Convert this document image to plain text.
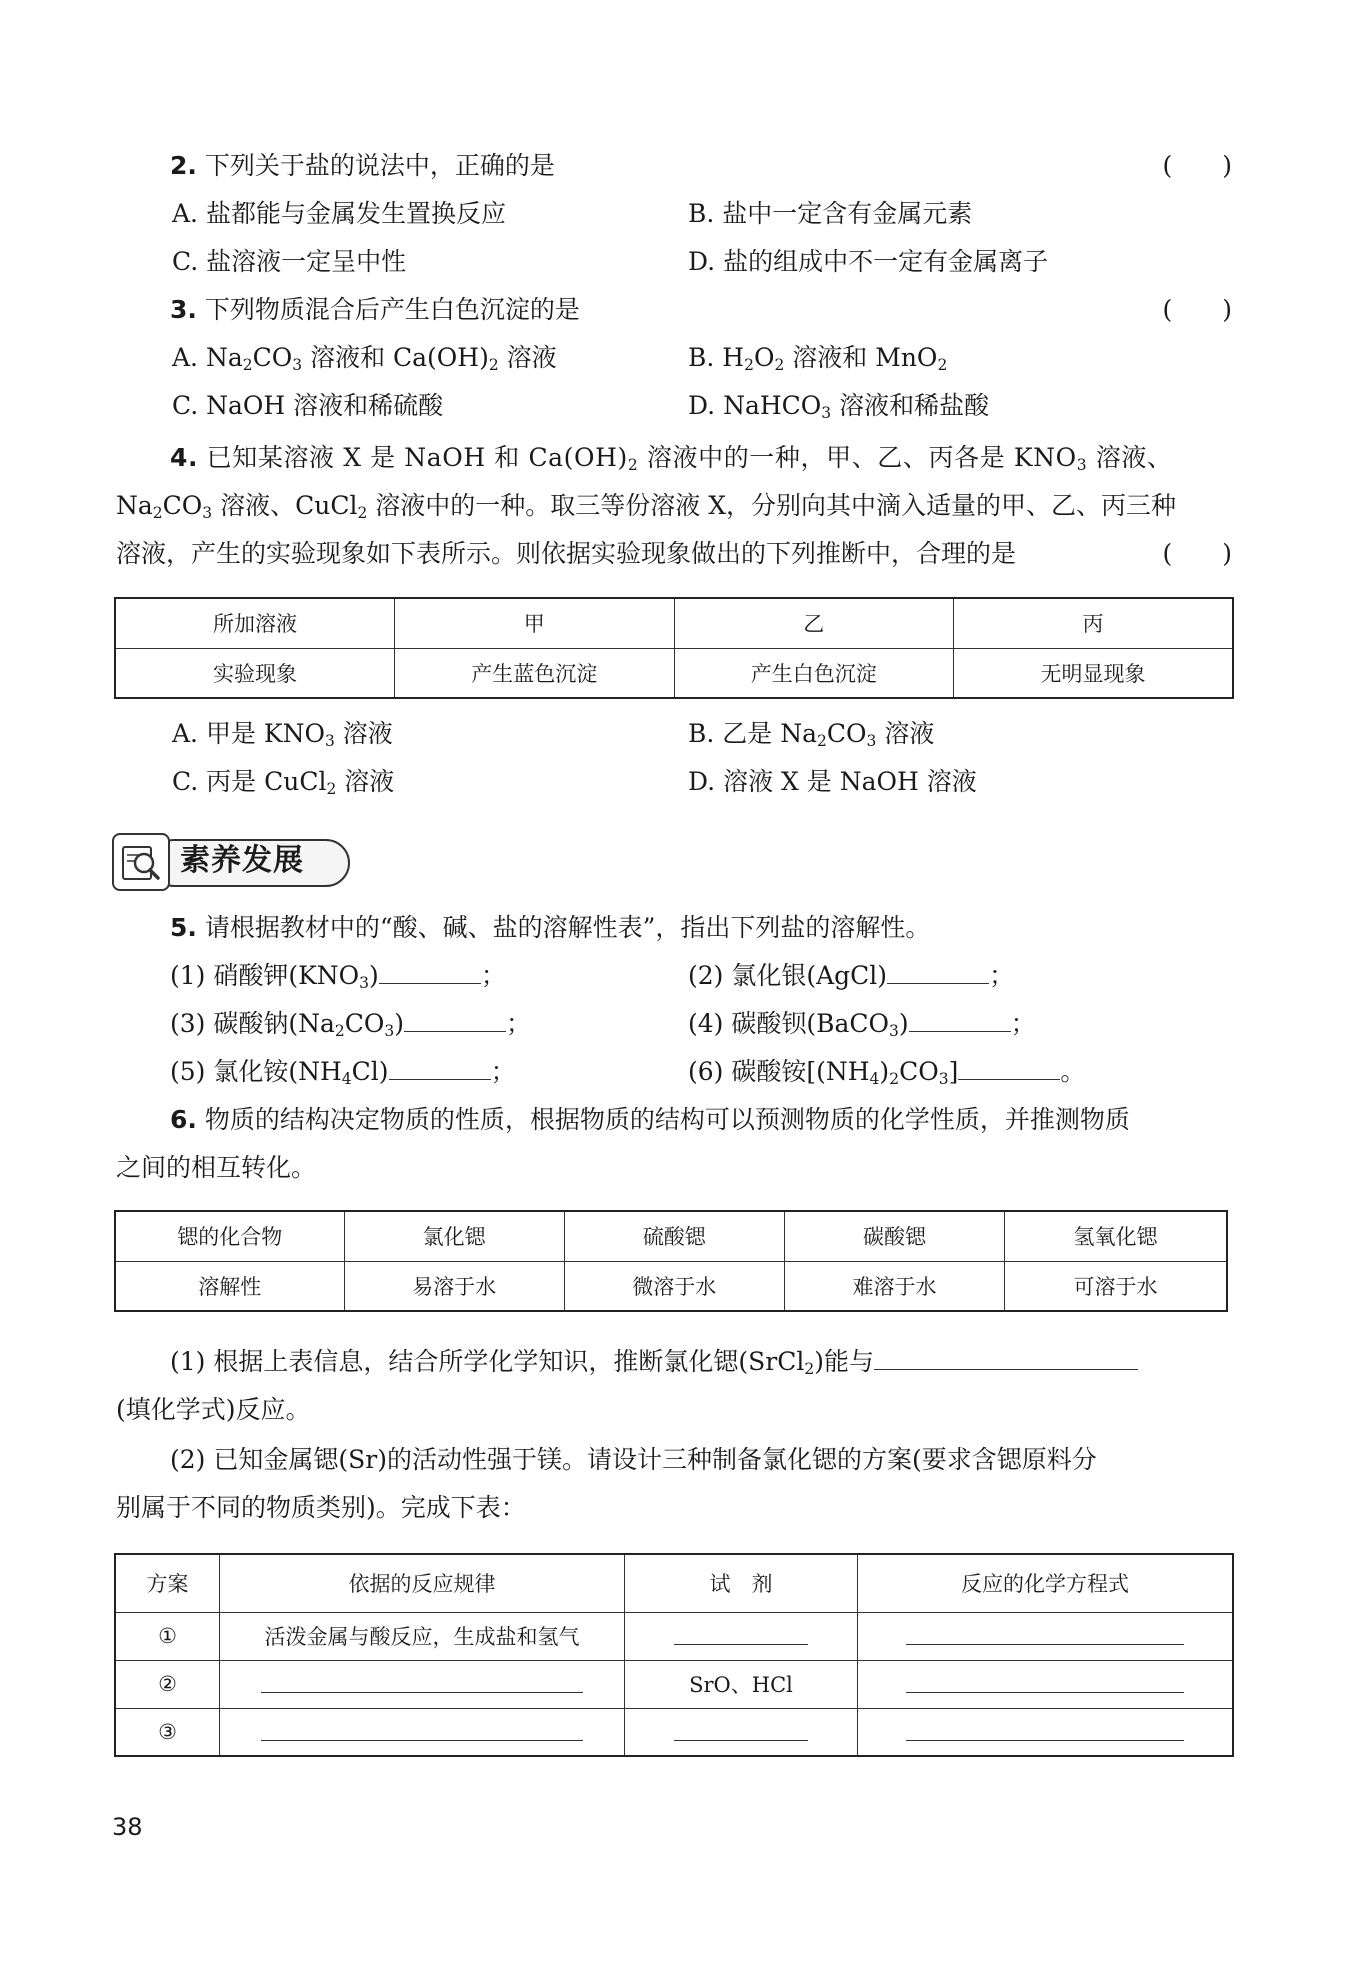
2. 下列关于盐的说法中，正确的是	(　　)
A. 盐都能与金属发生置换反应	B. 盐中一定含有金属元素
C. 盐溶液一定呈中性	D. 盐的组成中不一定有金属离子
3. 下列物质混合后产生白色沉淀的是	(　　)
A. $Na_2CO_3$ 溶液和 $Ca(OH)_2$ 溶液	B. $H_2O_2$ 溶液和 MnO$_2$
C. NaOH 溶液和稀硫酸	D. NaHCO$_3$ 溶液和稀盐酸
4. 已知某溶液 X 是 NaOH 和 $Ca(OH)_2$ 溶液中的一种，甲、乙、丙各是 $KNO_3$ 溶液、
$Na_2CO_3$ 溶液、CuCl$_2$ 溶液中的一种。取三等份溶液 X，分别向其中滴入适量的甲、乙、丙三种
溶液，产生的实验现象如下表所示。则依据实验现象做出的下列推断中，合理的是	(　　)
所加溶液	甲	乙	丙
实验现象	产生蓝色沉淀	产生白色沉淀	无明显现象
A. 甲是 $KNO_3$ 溶液	B. 乙是 $Na_2CO_3$ 溶液
C. 丙是 CuCl$_2$ 溶液	D. 溶液 X 是 NaOH 溶液
素养发展
5. 请根据教材中的“酸、碱、盐的溶解性表”，指出下列盐的溶解性。
(1) 硝酸钾$(KNO_3)$	；	(2) 氯化银(AgCl)	；
(3) 碳酸钠$(Na_2CO_3)$	；	(4) 碳酸钡(BaCO$_3$)	；
(5) 氯化铵$(NH_4Cl)$	；	(6) 碳酸铵$[(NH_4)_2CO_3]$	。
6. 物质的结构决定物质的性质，根据物质的结构可以预测物质的化学性质，并推测物质
之间的相互转化。
锶的化合物	氯化锶	硫酸锶	碳酸锶	氢氧化锶
溶解性	易溶于水	微溶于水	难溶于水	可溶于水
(1) 根据上表信息，结合所学化学知识，推断氯化锶(SrCl$_2$)能与
(填化学式)反应。
(2) 已知金属锶(Sr)的活动性强于镁。请设计三种制备氯化锶的方案(要求含锶原料分
别属于不同的物质类别)。完成下表：
方案	依据的反应规律	试　剂	反应的化学方程式
①	活泼金属与酸反应，生成盐和氢气		
②		SrO、HCl	
③			
38
